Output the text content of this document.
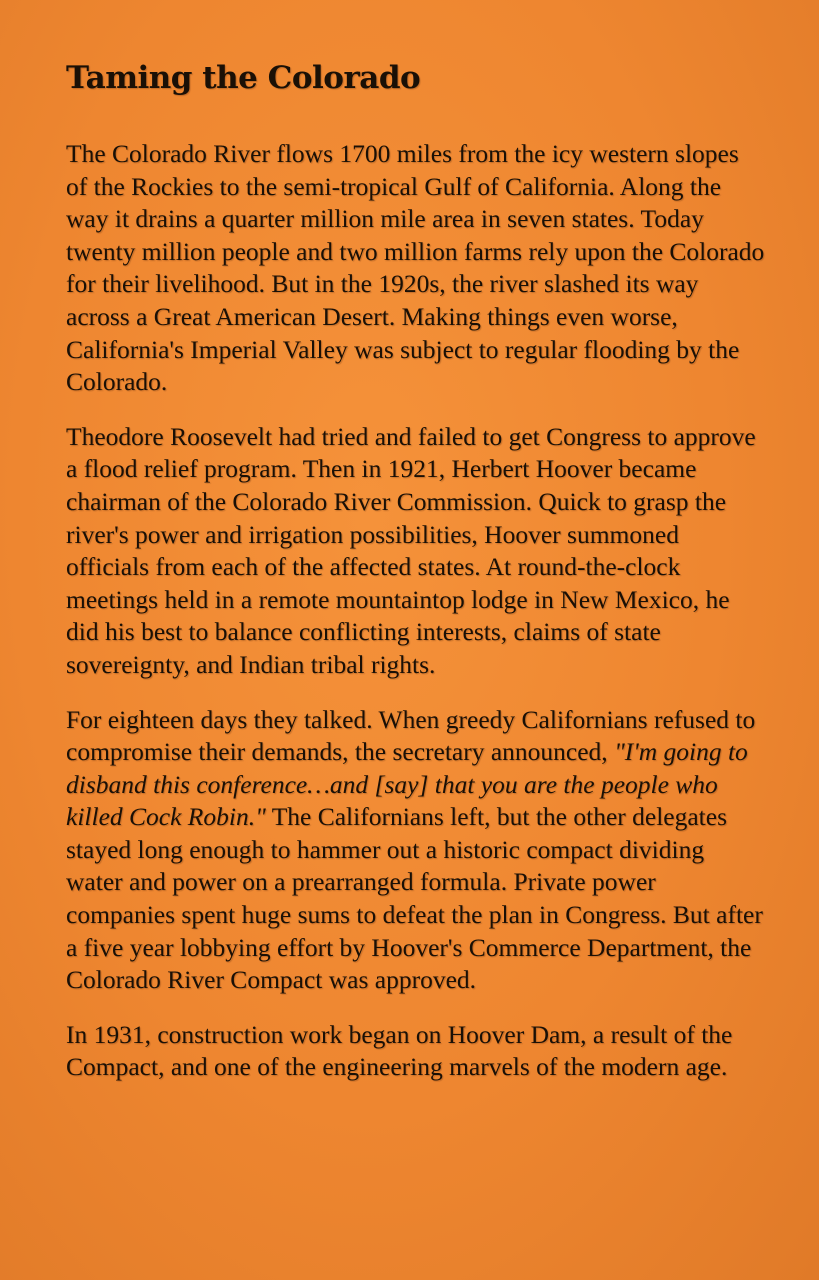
Taming the Colorado

The Colorado River flows 1700 miles from the icy western slopes of the Rockies to the semi-tropical Gulf of California. Along the way it drains a quarter million mile area in seven states. Today twenty million people and two million farms rely upon the Colorado for their livelihood. But in the 1920s, the river slashed its way across a Great American Desert. Making things even worse, California's Imperial Valley was subject to regular flooding by the Colorado.

Theodore Roosevelt had tried and failed to get Congress to approve a flood relief program. Then in 1921, Herbert Hoover became chairman of the Colorado River Commission. Quick to grasp the river's power and irrigation possibilities, Hoover summoned officials from each of the affected states. At round-the-clock meetings held in a remote mountaintop lodge in New Mexico, he did his best to balance conflicting interests, claims of state sovereignty, and Indian tribal rights.

For eighteen days they talked. When greedy Californians refused to compromise their demands, the secretary announced, "I'm going to disband this conference…and [say] that you are the people who killed Cock Robin." The Californians left, but the other delegates stayed long enough to hammer out a historic compact dividing water and power on a prearranged formula. Private power companies spent huge sums to defeat the plan in Congress. But after a five year lobbying effort by Hoover's Commerce Department, the Colorado River Compact was approved.

In 1931, construction work began on Hoover Dam, a result of the Compact, and one of the engineering marvels of the modern age.
